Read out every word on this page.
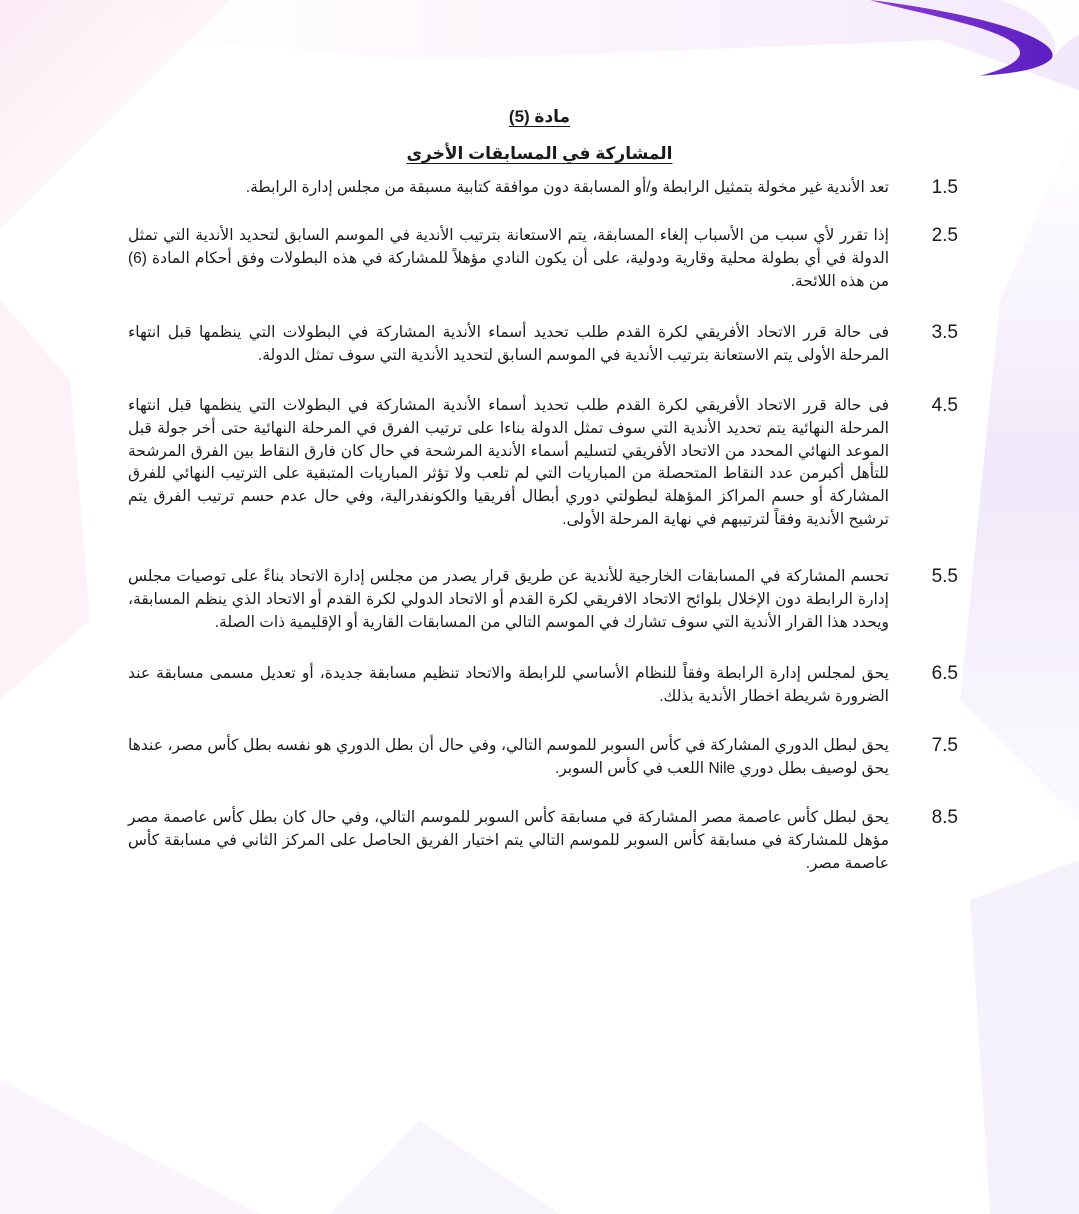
مادة (5)
المشاركة في المسابقات الأخرى
1.5
تعد الأندية غير مخولة بتمثيل الرابطة و/أو المسابقة دون موافقة كتابية مسبقة من مجلس إدارة الرابطة.
2.5
إذا تقرر لأي سبب من الأسباب إلغاء المسابقة، يتم الاستعانة بترتيب الأندية في الموسم السابق لتحديد الأندية التي تمثل الدولة في أي بطولة محلية وقارية ودولية، على أن يكون النادي مؤهلاً للمشاركة في هذه البطولات وفق أحكام المادة (6) من هذه اللائحة.
3.5
فى حالة قرر الاتحاد الأفريقي لكرة القدم طلب تحديد أسماء الأندية المشاركة في البطولات التي ينظمها قبل انتهاء المرحلة الأولى يتم الاستعانة بترتيب الأندية في الموسم السابق لتحديد الأندية التي سوف تمثل الدولة.
4.5
فى حالة قرر الاتحاد الأفريقي لكرة القدم طلب تحديد أسماء الأندية المشاركة في البطولات التي ينظمها قبل انتهاء المرحلة النهائية يتم تحديد الأندية التي سوف تمثل الدولة بناءا على ترتيب الفرق في المرحلة النهائية حتى أخر جولة قبل الموعد النهائي المحدد من الاتحاد الأفريقي لتسليم أسماء الأندية المرشحة في حال كان فارق النقاط بين الفرق المرشحة للتأهل أكبرمن عدد النقاط المتحصلة من المباريات التي لم تلعب ولا تؤثر المباريات المتبقية على الترتيب النهائي للفرق المشاركة أو حسم المراكز المؤهلة لبطولتي دوري أبطال أفريقيا والكونفدرالية، وفي حال عدم حسم ترتيب الفرق يتم ترشيح الأندية وفقاً لترتيبهم في نهاية المرحلة الأولى.
5.5
تحسم المشاركة في المسابقات الخارجية للأندية عن طريق قرار يصدر من مجلس إدارة الاتحاد بناءً على توصيات مجلس إدارة الرابطة دون الإخلال بلوائح الاتحاد الافريقي لكرة القدم أو الاتحاد الدولي لكرة القدم أو الاتحاد الذي ينظم المسابقة، ويحدد هذا القرار الأندية التي سوف تشارك في الموسم التالي من المسابقات القارية أو الإقليمية ذات الصلة.
6.5
يحق لمجلس إدارة الرابطة وفقاً للنظام الأساسي للرابطة والاتحاد تنظيم مسابقة جديدة، أو تعديل مسمى مسابقة عند الضرورة شريطة اخطار الأندية بذلك.
7.5
يحق لبطل الدوري المشاركة في كأس السوبر للموسم التالي، وفي حال أن بطل الدوري هو نفسه بطل كأس مصر، عندها يحق لوصيف بطل دوري Nile اللعب في كأس السوبر.
8.5
يحق لبطل كأس عاصمة مصر المشاركة في مسابقة كأس السوبر للموسم التالي، وفي حال كان بطل كأس عاصمة مصر مؤهل للمشاركة في مسابقة كأس السوبر للموسم التالي يتم اختيار الفريق الحاصل على المركز الثاني في مسابقة كأس عاصمة مصر.
